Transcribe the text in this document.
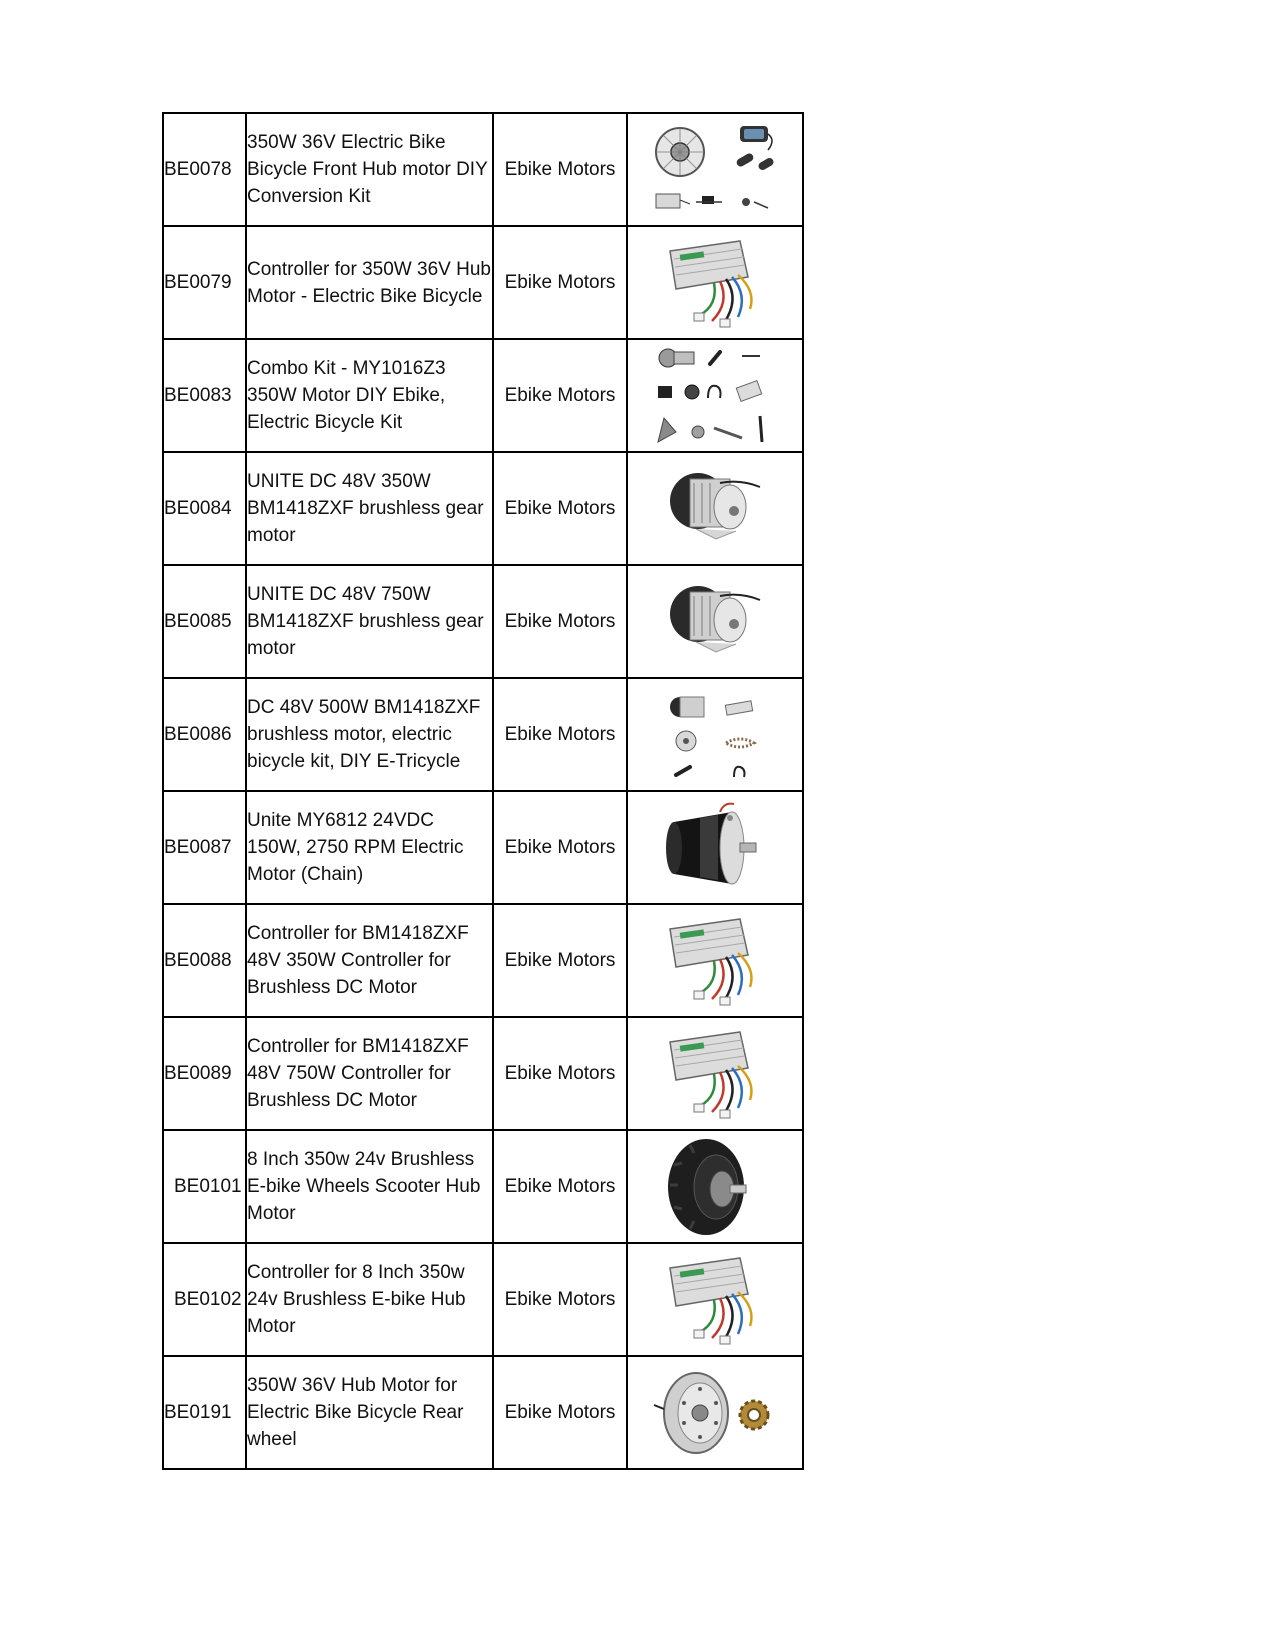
BE0078	350W 36V Electric Bike Bicycle Front Hub motor DIY Conversion Kit	Ebike Motors	

BE0079	Controller for 350W 36V Hub Motor - Electric Bike Bicycle	Ebike Motors	

BE0083	Combo Kit - MY1016Z3 350W Motor DIY Ebike, Electric Bicycle Kit	Ebike Motors	

BE0084	UNITE DC 48V 350W BM1418ZXF brushless gear motor	Ebike Motors	

BE0085	UNITE DC 48V 750W BM1418ZXF brushless gear motor	Ebike Motors	

BE0086	DC 48V 500W BM1418ZXF brushless motor, electric bicycle kit, DIY E-Tricycle	Ebike Motors	

BE0087	Unite MY6812 24VDC 150W, 2750 RPM Electric Motor (Chain)	Ebike Motors	

BE0088	Controller for BM1418ZXF 48V 350W Controller for Brushless DC Motor	Ebike Motors	

BE0089	Controller for BM1418ZXF 48V 750W Controller for Brushless DC Motor	Ebike Motors	

BE0101	8 Inch 350w 24v Brushless E-bike Wheels Scooter Hub Motor	Ebike Motors	

BE0102	Controller for 8 Inch 350w 24v Brushless E-bike Hub Motor	Ebike Motors	

BE0191	350W 36V Hub Motor for Electric Bike Bicycle Rear wheel	Ebike Motors	
